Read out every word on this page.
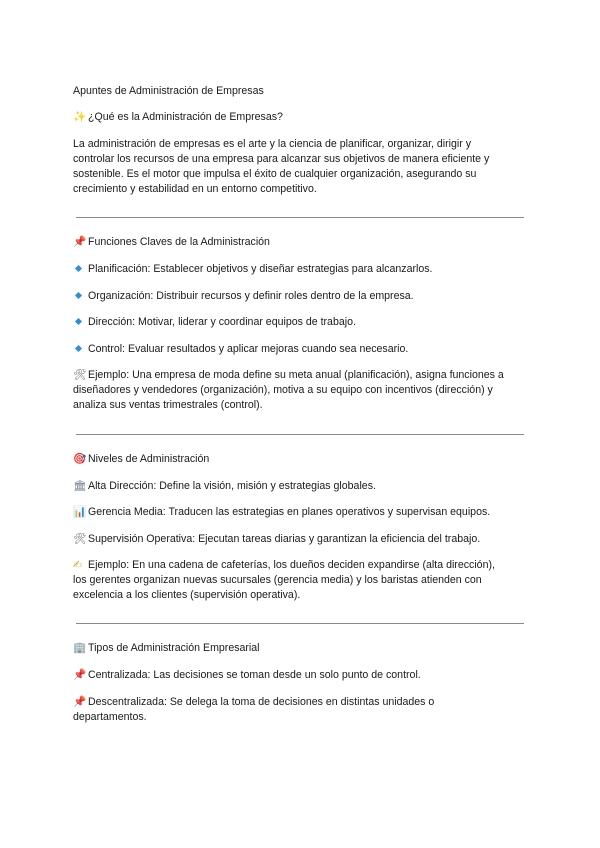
Apuntes de Administración de Empresas
✨ ¿Qué es la Administración de Empresas?
La administración de empresas es el arte y la ciencia de planificar, organizar, dirigir y
controlar los recursos de una empresa para alcanzar sus objetivos de manera eficiente y
sostenible. Es el motor que impulsa el éxito de cualquier organización, asegurando su
crecimiento y estabilidad en un entorno competitivo.
📌 Funciones Claves de la Administración
Planificación: Establecer objetivos y diseñar estrategias para alcanzarlos.
Organización: Distribuir recursos y definir roles dentro de la empresa.
Dirección: Motivar, liderar y coordinar equipos de trabajo.
Control: Evaluar resultados y aplicar mejoras cuando sea necesario.
🛠 Ejemplo: Una empresa de moda define su meta anual (planificación), asigna funciones a
diseñadores y vendedores (organización), motiva a su equipo con incentivos (dirección) y
analiza sus ventas trimestrales (control).
🎯 Niveles de Administración
🏛 Alta Dirección: Define la visión, misión y estrategias globales.
📊 Gerencia Media: Traducen las estrategias en planes operativos y supervisan equipos.
🛠 Supervisión Operativa: Ejecutan tareas diarias y garantizan la eficiencia del trabajo.
✍ Ejemplo: En una cadena de cafeterías, los dueños deciden expandirse (alta dirección),
los gerentes organizan nuevas sucursales (gerencia media) y los baristas atienden con
excelencia a los clientes (supervisión operativa).
🏢 Tipos de Administración Empresarial
📌 Centralizada: Las decisiones se toman desde un solo punto de control.
📌 Descentralizada: Se delega la toma de decisiones en distintas unidades o
departamentos.
